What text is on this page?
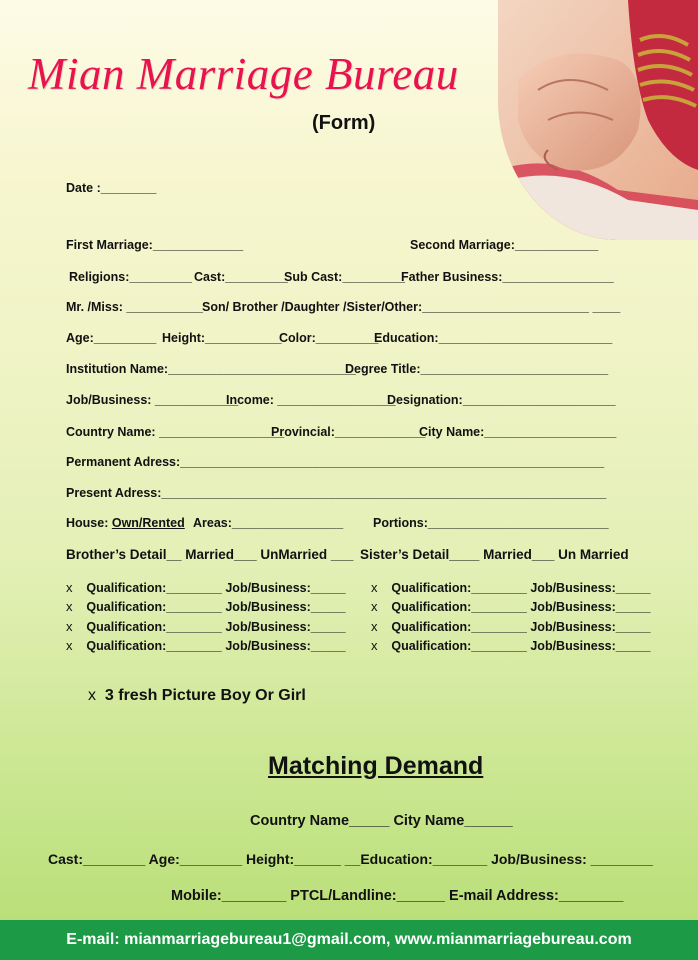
Mian Marriage Bureau
(Form)
Date :________
First Marriage:_____________	Second Marriage:____________
Religions:_________ Cast:_________
Sub Cast:_________
Father Business:________________
Mr. /Miss: ___________ Son/ Brother /Daughter /Sister/Other:________________________ ____
Age:_________ Height:___________
Color:_________
Education:_________________________
Institution Name:___________________________
Degree Title:___________________________
Job/Business: ____________
Income: _________________
Designation:______________________
Country Name: __________________
Provincial:_____________
City Name:___________________
Permanent Adress:_____________________________________________________________
Present Adress:________________________________________________________________
House: Own/Rented Areas:________________ Portions:__________________________
Brother’s Detail__ Married___ UnMarried ___ Sister’s Detail____ Married___ Un Married
x Qualification:________ Job/Business:_____
x Qualification:________ Job/Business:_____
x Qualification:________ Job/Business:_____
x Qualification:________ Job/Business:_____
x Qualification:________ Job/Business:_____
x Qualification:________ Job/Business:_____
x Qualification:________ Job/Business:_____
x Qualification:________ Job/Business:_____
x 3 fresh Picture Boy Or Girl
Matching Demand
Country Name_____ City Name______
Cast:________ Age:________ Height:______ __Education:_______ Job/Business: ________
Mobile:________ PTCL/Landline:______ E-mail Address:________
E-mail: mianmarriagebureau1@gmail.com, www.mianmarriagebureau.com
